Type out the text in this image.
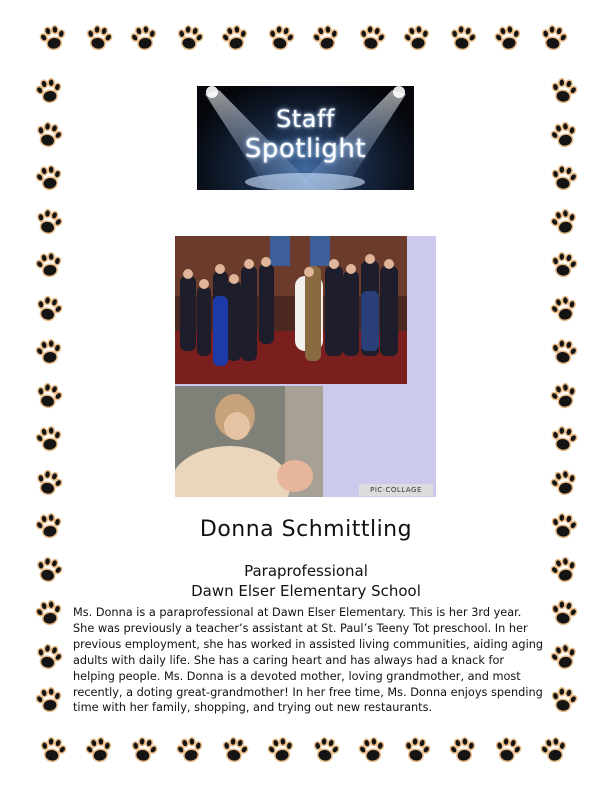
Staff
Spotlight
PIC·COLLAGE
Donna Schmittling
Paraprofessional
Dawn Elser Elementary School
Ms. Donna is a paraprofessional at Dawn Elser Elementary. This is her 3rd year. She was previously a teacher’s assistant at St. Paul’s Teeny Tot preschool. In her previous employment, she has worked in assisted living communities, aiding aging adults with daily life. She has a caring heart and has always had a knack for helping people. Ms. Donna is a devoted mother, loving grandmother, and most recently, a doting great-grandmother! In her free time, Ms. Donna enjoys spending time with her family, shopping, and trying out new restaurants.
